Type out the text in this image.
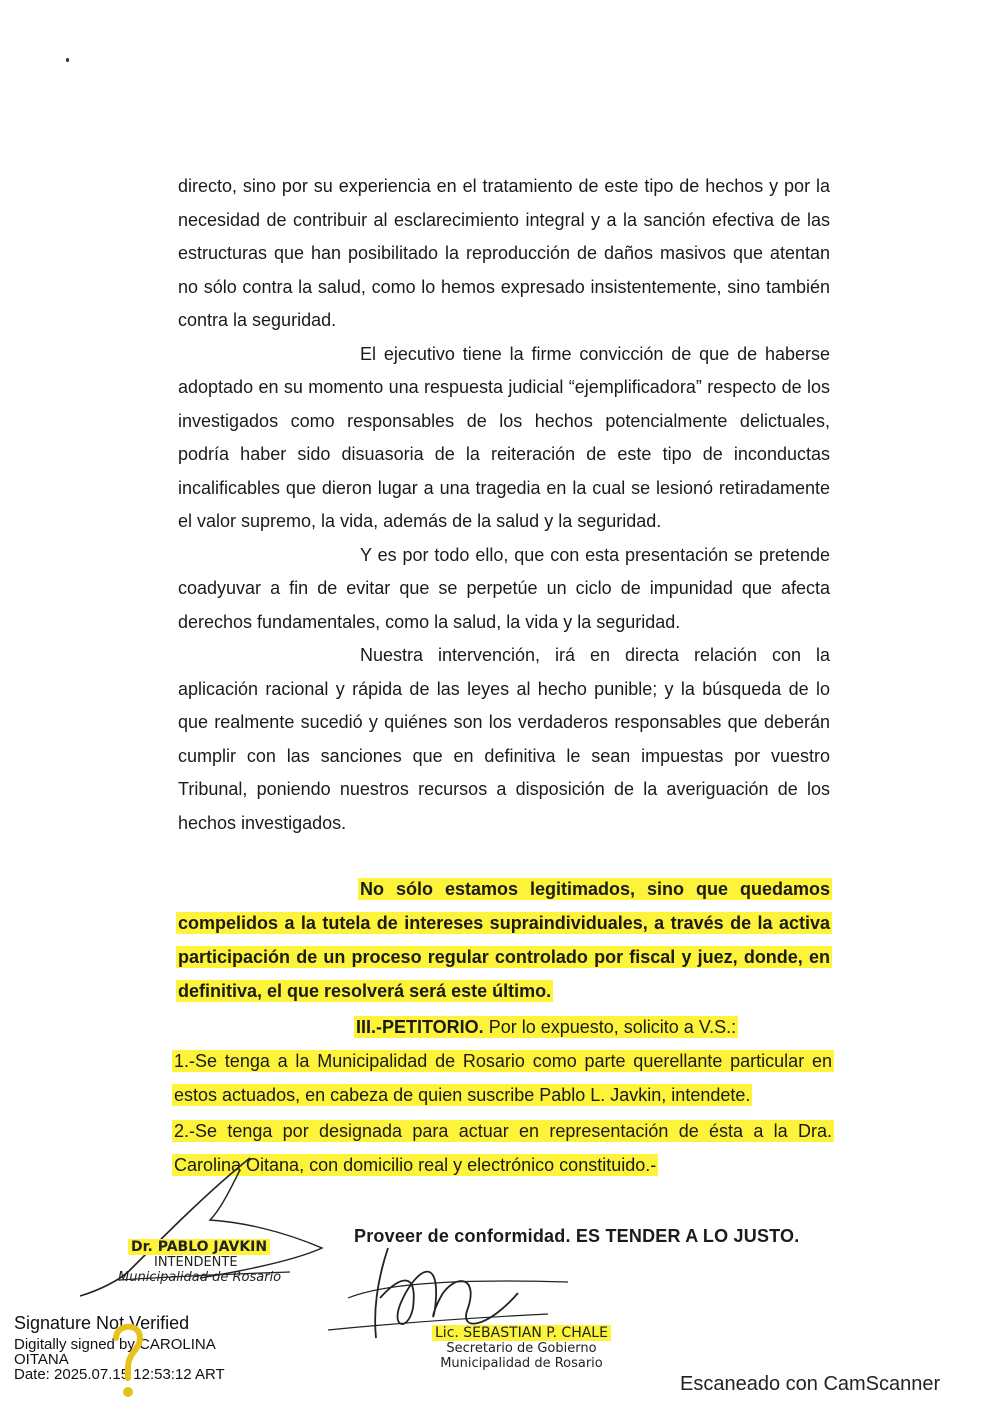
directo, sino por su experiencia en el tratamiento de este tipo de hechos y por la necesidad de contribuir al esclarecimiento integral y a la sanción efectiva de las estructuras que han posibilitado la reproducción de daños masivos que atentan no sólo contra la salud, como lo hemos expresado insistentemente, sino también contra la seguridad.

El ejecutivo tiene la firme convicción de que de haberse adoptado en su momento una respuesta judicial “ejemplificadora” respecto de los investigados como responsables de los hechos potencialmente delictuales, podría haber sido disuasoria de la reiteración de este tipo de inconductas incalificables que dieron lugar a una tragedia en la cual se lesionó retiradamente el valor supremo, la vida, además de la salud y la seguridad.

Y es por todo ello, que con esta presentación se pretende coadyuvar a fin de evitar que se perpetúe un ciclo de impunidad que afecta derechos fundamentales, como la salud, la vida y la seguridad.

Nuestra intervención, irá en directa relación con la aplicación racional y rápida de las leyes al hecho punible; y la búsqueda de lo que realmente sucedió y quiénes son los verdaderos responsables que deberán cumplir con las sanciones que en definitiva le sean impuestas por vuestro Tribunal, poniendo nuestros recursos a disposición de la averiguación de los hechos investigados.

No sólo estamos legitimados, sino que quedamos compelidos a la tutela de intereses supraindividuales, a través de la activa participación de un proceso regular controlado por fiscal y juez, donde, en definitiva, el que resolverá será este último.
III.-PETITORIO. Por lo expuesto, solicito a V.S.:
1.-Se tenga a la Municipalidad de Rosario como parte querellante particular en estos actuados, en cabeza de quien suscribe Pablo L. Javkin, intendete.
2.-Se tenga por designada para actuar en representación de ésta a la Dra. Carolina Oitana, con domicilio real y electrónico constituido.-
Proveer de conformidad. ES TENDER A LO JUSTO.
Dr. PABLO JAVKIN
INTENDENTE
Municipalidad de Rosario
Lic. SEBASTIAN P. CHALE
Secretario de Gobierno
Municipalidad de Rosario
Signature Not Verified
Digitally signed by CAROLINA
OITANA
Date: 2025.07.15 12:53:12 ART	Escaneado con CamScanner
